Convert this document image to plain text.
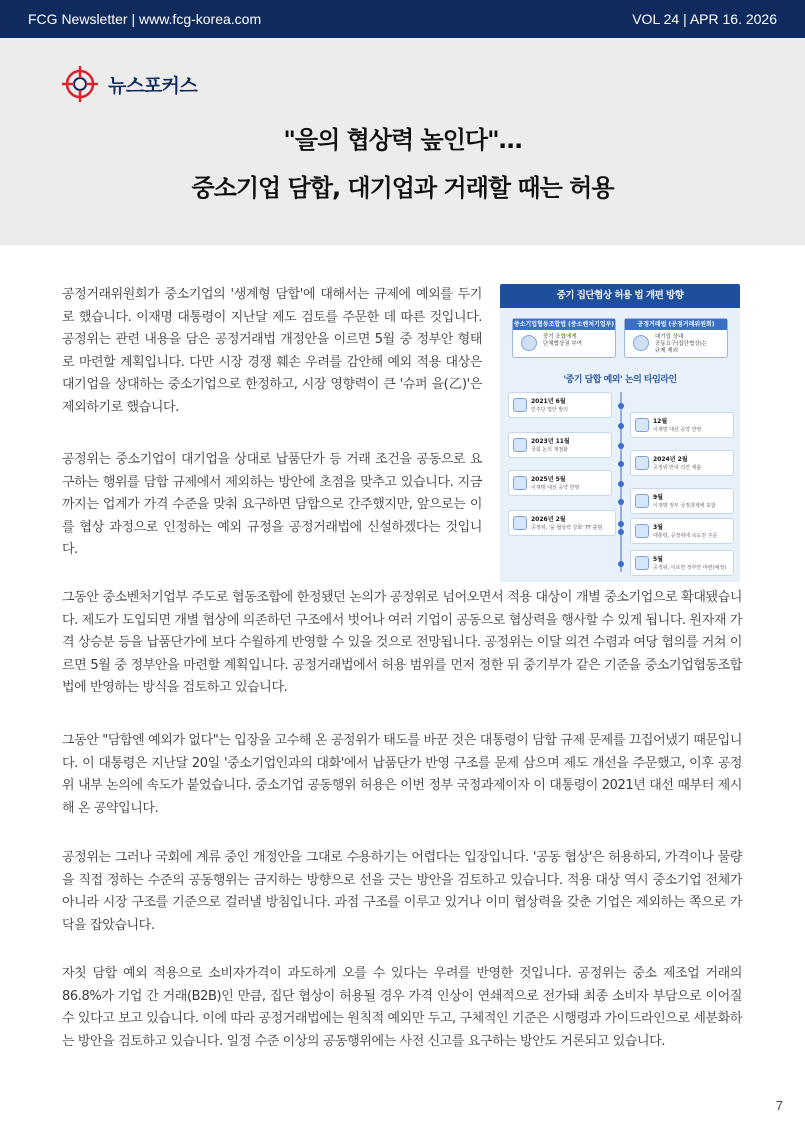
FCG Newsletter | www.fcg-korea.com	VOL 24 | APR 16. 2026
뉴스포커스
"을의 협상력 높인다"…
중소기업 담합, 대기업과 거래할 때는 허용

공정거래위원회가 중소기업의 '생계형 담합'에 대해서는 규제에 예외를 두기로 했습니다. 이재명 대통령이 지난달 제도 검토를 주문한 데 따른 것입니다. 공정위는 관련 내용을 담은 공정거래법 개정안을 이르면 5월 중 정부안 형태로 마련할 계획입니다. 다만 시장 경쟁 훼손 우려를 감안해 예외 적용 대상은 대기업을 상대하는 중소기업으로 한정하고, 시장 영향력이 큰 '슈퍼 을(乙)'은 제외하기로 했습니다.

공정위는 중소기업이 대기업을 상대로 납품단가 등 거래 조건을 공동으로 요구하는 행위를 담합 규제에서 제외하는 방안에 초점을 맞추고 있습니다. 지금까지는 업계가 가격 수준을 맞춰 요구하면 담합으로 간주했지만, 앞으로는 이를 협상 과정으로 인정하는 예외 규정을 공정거래법에 신설하겠다는 것입니다.

중기 집단협상 허용 법 개편 방향
중소기업협동조합법 (중소벤처기업부)
중기 조합에게
단체협상권 부여
공정거래법 (공정거래위원회)
대기업 상대
공동요구(집단협상)는
규제 제외
'중기 담합 예외' 논의 타임라인
2021년 6월
민주당 법안 발의
12월
이재명 대선 공약 반영
2023년 11월
국회 논의 재점화
2024년 2월
공정위 반대 의견 제출
2025년 5월
이재명 대선 공약 반영
9월
이재명 정부 국정과제에 포함
2026년 2월
공정위, '을 협상력 강화' TF 출범	3월
대통령, 공정위에 속도전 주문
5월
공정위, 이르면 정부안 마련(예정)

그동안 중소벤처기업부 주도로 협동조합에 한정됐던 논의가 공정위로 넘어오면서 적용 대상이 개별 중소기업으로 확대됐습니다. 제도가 도입되면 개별 협상에 의존하던 구조에서 벗어나 여러 기업이 공동으로 협상력을 행사할 수 있게 됩니다. 원자재 가격 상승분 등을 납품단가에 보다 수월하게 반영할 수 있을 것으로 전망됩니다. 공정위는 이달 의견 수렴과 여당 협의를 거쳐 이르면 5월 중 정부안을 마련할 계획입니다. 공정거래법에서 허용 범위를 먼저 정한 뒤 중기부가 같은 기준을 중소기업협동조합법에 반영하는 방식을 검토하고 있습니다.

그동안 "담합엔 예외가 없다"는 입장을 고수해 온 공정위가 태도를 바꾼 것은 대통령이 담합 규제 문제를 끄집어냈기 때문입니다. 이 대통령은 지난달 20일 '중소기업인과의 대화'에서 납품단가 반영 구조를 문제 삼으며 제도 개선을 주문했고, 이후 공정위 내부 논의에 속도가 붙었습니다. 중소기업 공동행위 허용은 이번 정부 국정과제이자 이 대통령이 2021년 대선 때부터 제시해 온 공약입니다.

공정위는 그러나 국회에 계류 중인 개정안을 그대로 수용하기는 어렵다는 입장입니다. '공동 협상'은 허용하되, 가격이나 물량을 직접 정하는 수준의 공동행위는 금지하는 방향으로 선을 긋는 방안을 검토하고 있습니다. 적용 대상 역시 중소기업 전체가 아니라 시장 구조를 기준으로 걸러낼 방침입니다. 과점 구조를 이루고 있거나 이미 협상력을 갖춘 기업은 제외하는 쪽으로 가닥을 잡았습니다.

자칫 담합 예외 적용으로 소비자가격이 과도하게 오를 수 있다는 우려를 반영한 것입니다. 공정위는 중소 제조업 거래의 86.8%가 기업 간 거래(B2B)인 만큼, 집단 협상이 허용될 경우 가격 인상이 연쇄적으로 전가돼 최종 소비자 부담으로 이어질 수 있다고 보고 있습니다. 이에 따라 공정거래법에는 원칙적 예외만 두고, 구체적인 기준은 시행령과 가이드라인으로 세분화하는 방안을 검토하고 있습니다. 일정 수준 이상의 공동행위에는 사전 신고를 요구하는 방안도 거론되고 있습니다.

7
